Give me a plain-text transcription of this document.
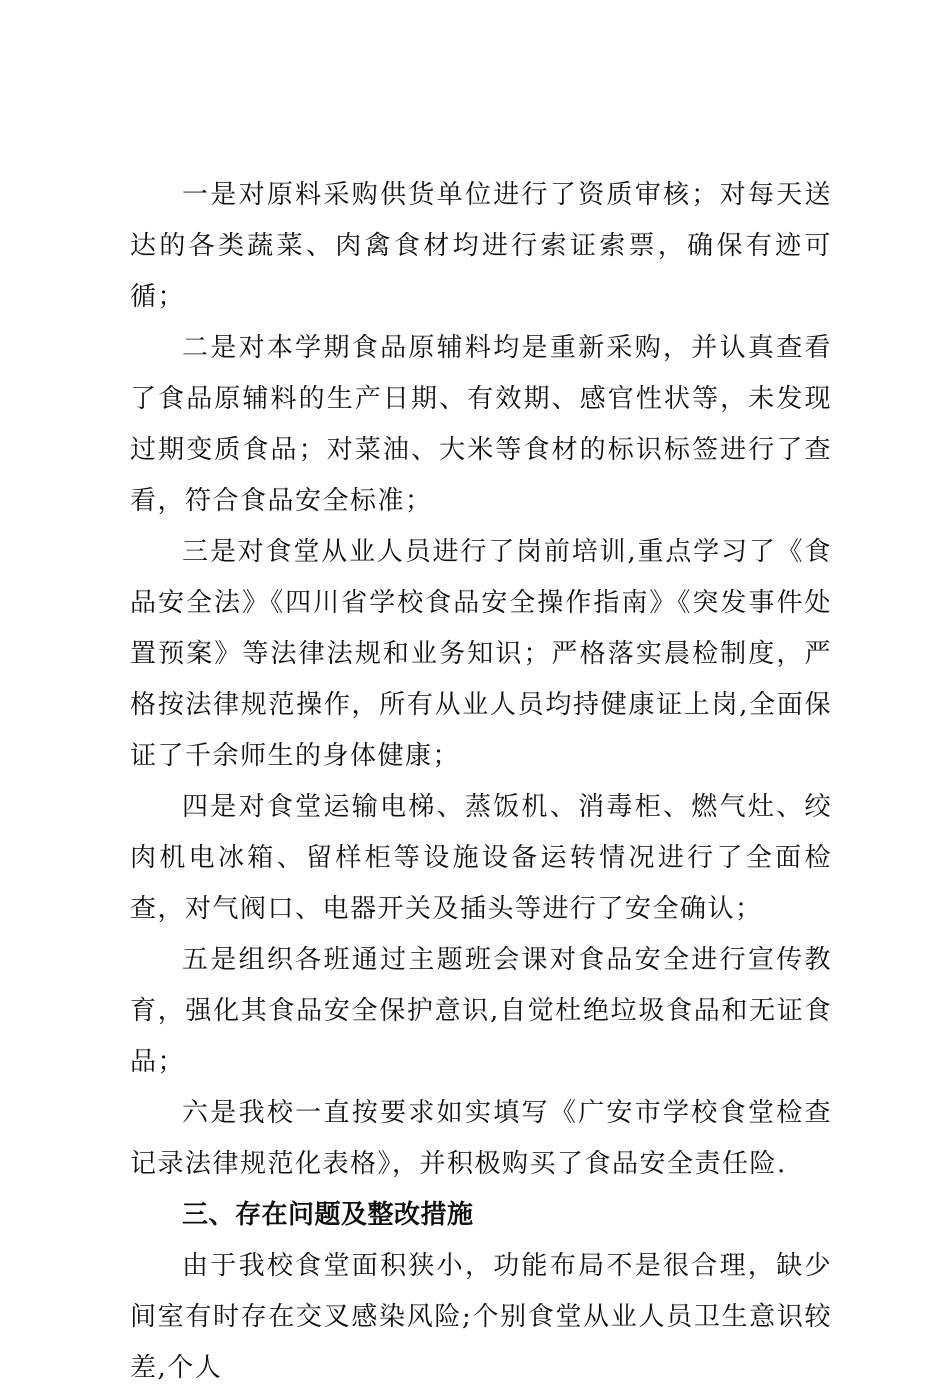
一是对原料采购供货单位进行了资质审核；对每天送达的各类蔬菜、肉禽食材均进行索证索票，确保有迹可循；

二是对本学期食品原辅料均是重新采购，并认真查看了食品原辅料的生产日期、有效期、感官性状等，未发现过期变质食品；对菜油、大米等食材的标识标签进行了查看，符合食品安全标准；

三是对食堂从业人员进行了岗前培训,重点学习了《食品安全法》《四川省学校食品安全操作指南》《突发事件处置预案》等法律法规和业务知识；严格落实晨检制度，严格按法律规范操作，所有从业人员均持健康证上岗,全面保证了千余师生的身体健康；

四是对食堂运输电梯、蒸饭机、消毒柜、燃气灶、绞肉机电冰箱、留样柜等设施设备运转情况进行了全面检查，对气阀口、电器开关及插头等进行了安全确认；

五是组织各班通过主题班会课对食品安全进行宣传教育，强化其食品安全保护意识,自觉杜绝垃圾食品和无证食品；

六是我校一直按要求如实填写《广安市学校食堂检查记录法律规范化表格》，并积极购买了食品安全责任险.

三、存在问题及整改措施

由于我校食堂面积狭小，功能布局不是很合理，缺少间室有时存在交叉感染风险;个别食堂从业人员卫生意识较差,个人
